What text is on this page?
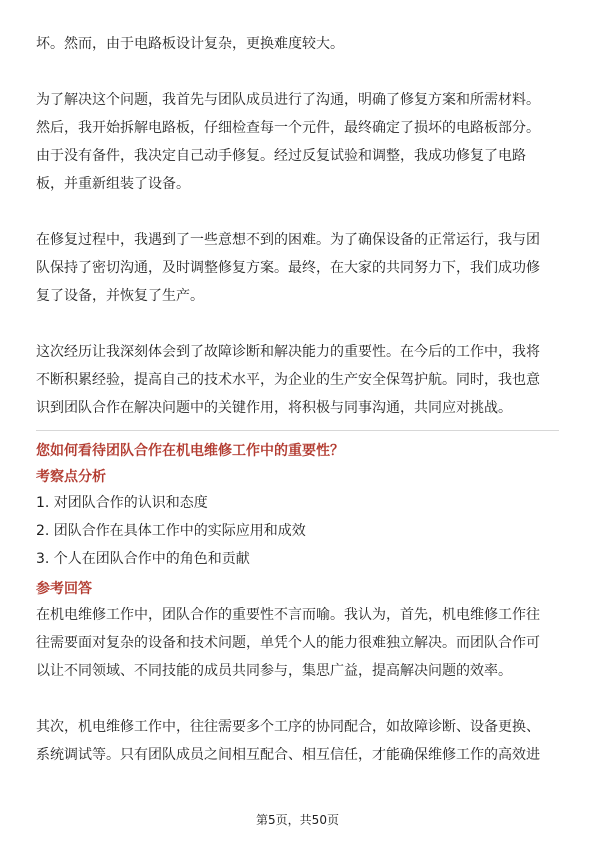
坏。然而，由于电路板设计复杂，更换难度较大。

为了解决这个问题，我首先与团队成员进行了沟通，明确了修复方案和所需材料。
然后，我开始拆解电路板，仔细检查每一个元件，最终确定了损坏的电路板部分。
由于没有备件，我决定自己动手修复。经过反复试验和调整，我成功修复了电路
板，并重新组装了设备。

在修复过程中，我遇到了一些意想不到的困难。为了确保设备的正常运行，我与团
队保持了密切沟通，及时调整修复方案。最终，在大家的共同努力下，我们成功修
复了设备，并恢复了生产。

这次经历让我深刻体会到了故障诊断和解决能力的重要性。在今后的工作中，我将
不断积累经验，提高自己的技术水平，为企业的生产安全保驾护航。同时，我也意
识到团队合作在解决问题中的关键作用，将积极与同事沟通，共同应对挑战。

您如何看待团队合作在机电维修工作中的重要性？

考察点分析

1. 对团队合作的认识和态度

2. 团队合作在具体工作中的实际应用和成效

3. 个人在团队合作中的角色和贡献

参考回答

在机电维修工作中，团队合作的重要性不言而喻。我认为，首先，机电维修工作往
往需要面对复杂的设备和技术问题，单凭个人的能力很难独立解决。而团队合作可
以让不同领域、不同技能的成员共同参与，集思广益，提高解决问题的效率。

其次，机电维修工作中，往往需要多个工序的协同配合，如故障诊断、设备更换、
系统调试等。只有团队成员之间相互配合、相互信任，才能确保维修工作的高效进

第5页，共50页
